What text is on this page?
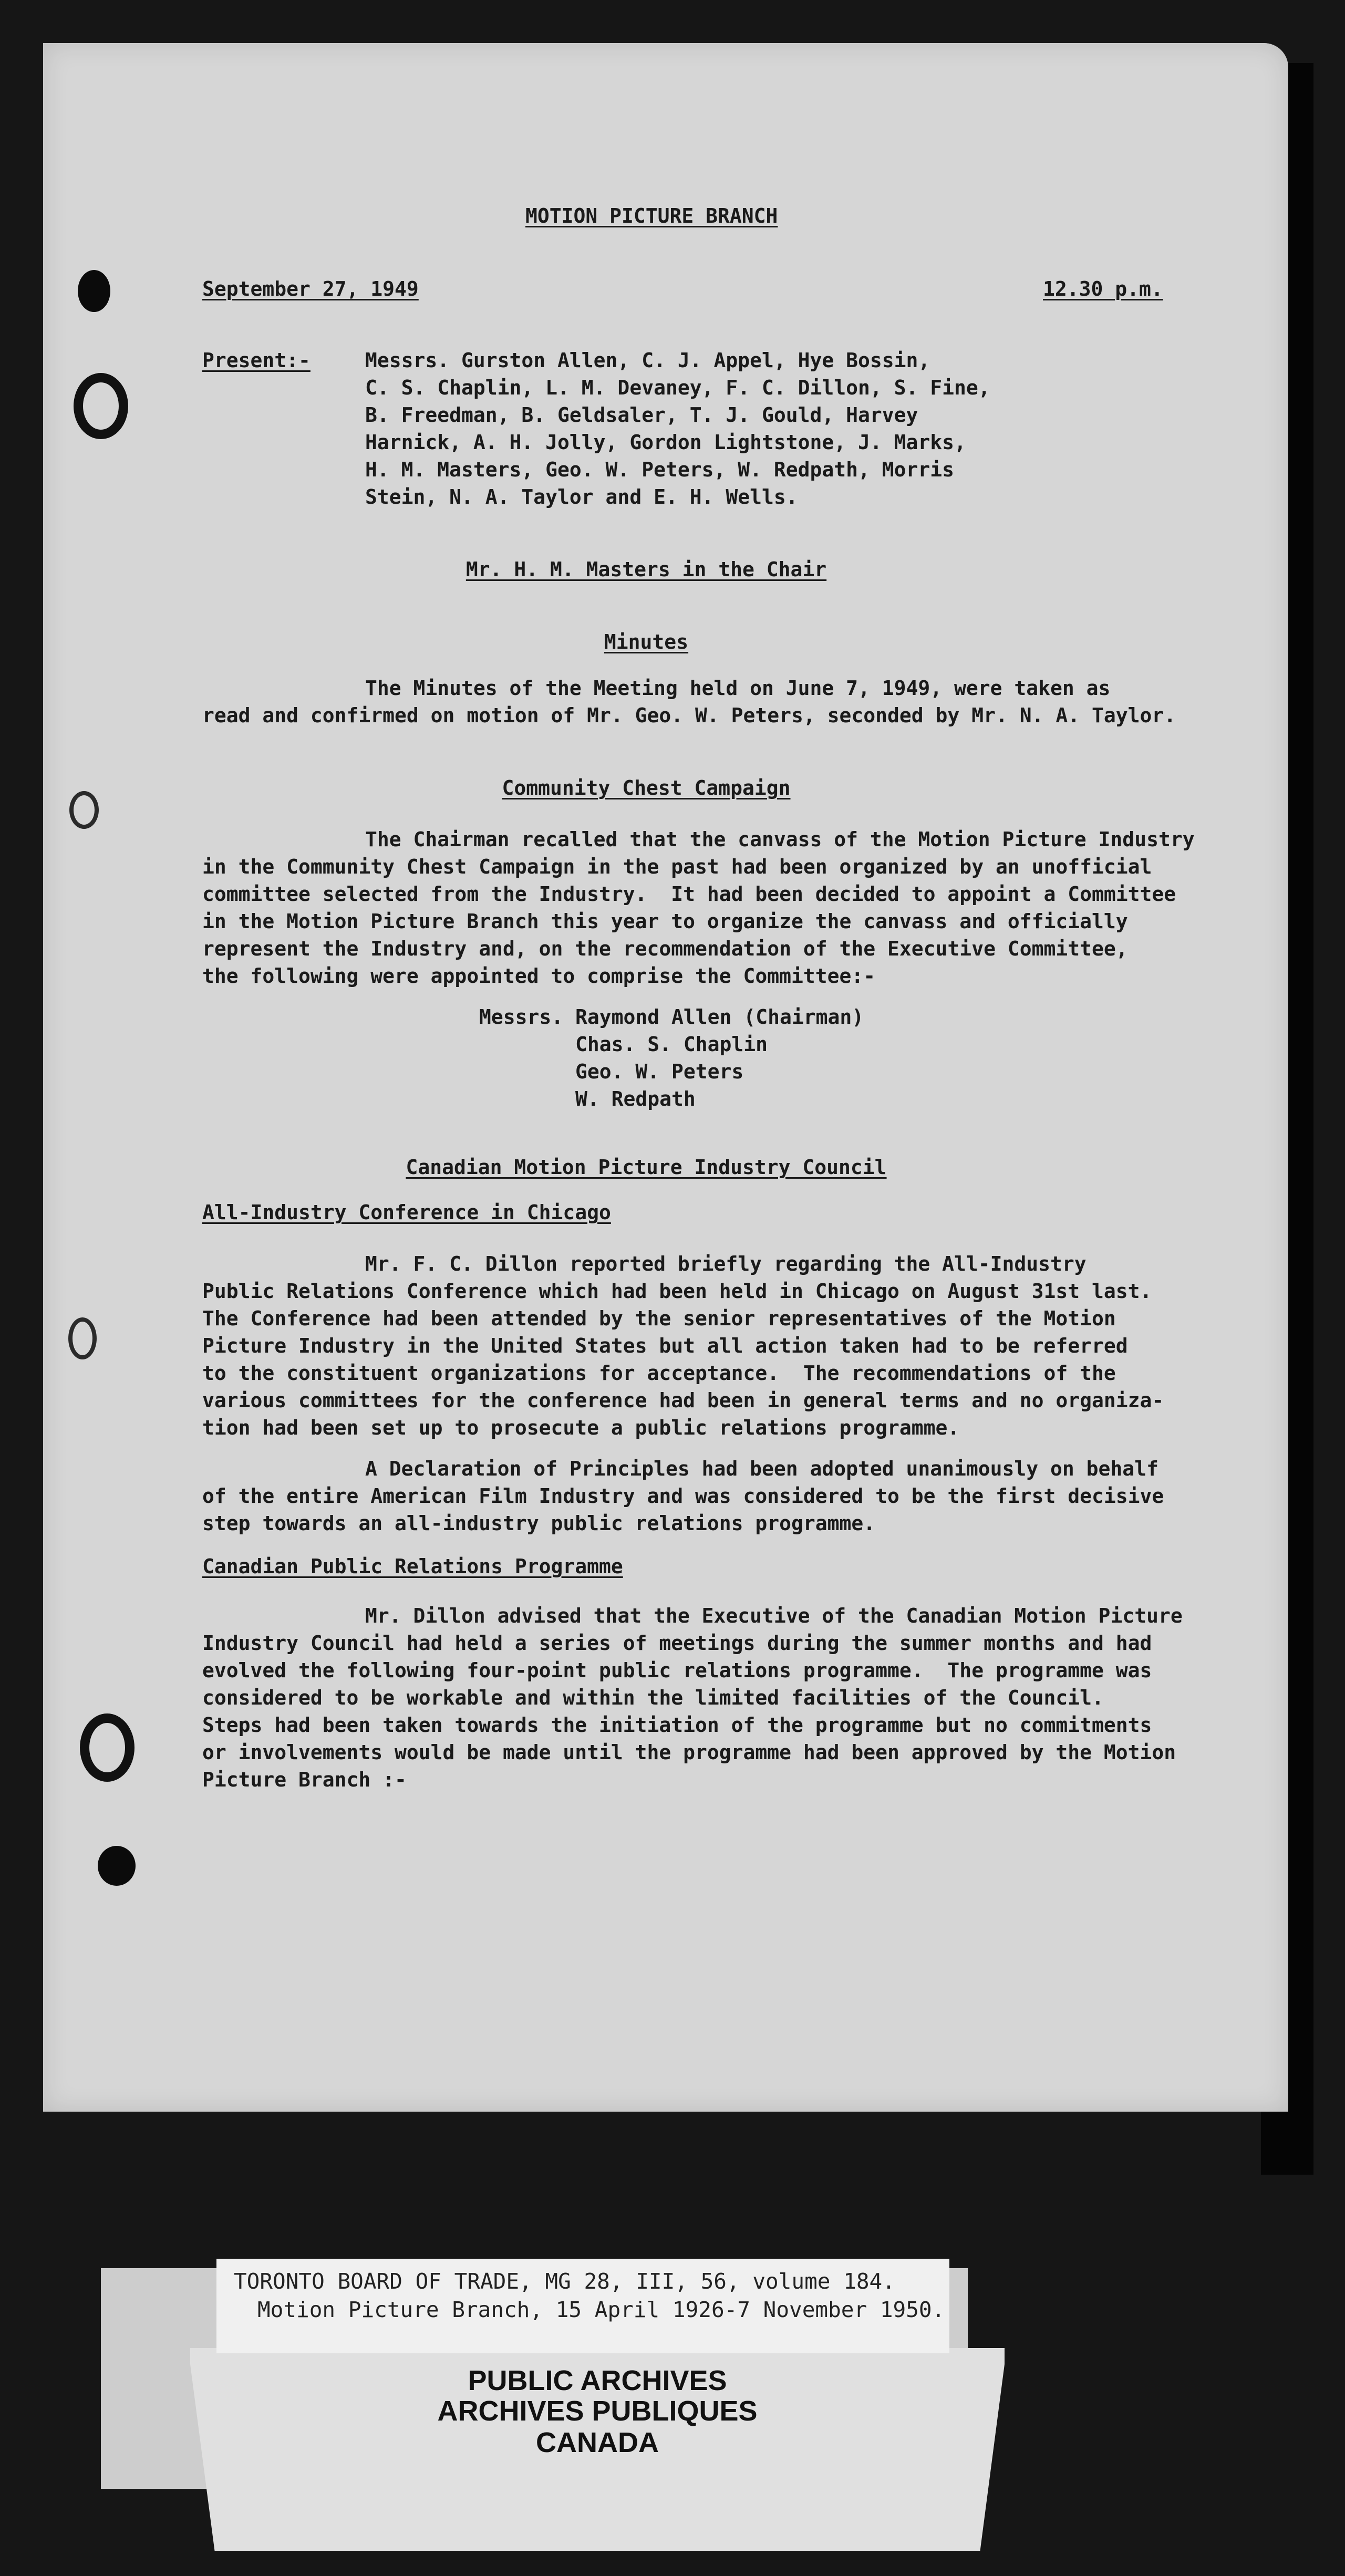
MOTION PICTURE BRANCH

September 27, 1949	12.30 p.m.

Present:-	Messrs. Gurston Allen, C. J. Appel, Hye Bossin,

C. S. Chaplin, L. M. Devaney, F. C. Dillon, S. Fine,

B. Freedman, B. Geldsaler, T. J. Gould, Harvey

Harnick, A. H. Jolly, Gordon Lightstone, J. Marks,

H. M. Masters, Geo. W. Peters, W. Redpath, Morris

Stein, N. A. Taylor and E. H. Wells.

Mr. H. M. Masters in the Chair

Minutes

The Minutes of the Meeting held on June 7, 1949, were taken as

read and confirmed on motion of Mr. Geo. W. Peters, seconded by Mr. N. A. Taylor.

Community Chest Campaign

The Chairman recalled that the canvass of the Motion Picture Industry

in the Community Chest Campaign in the past had been organized by an unofficial

committee selected from the Industry.  It had been decided to appoint a Committee

in the Motion Picture Branch this year to organize the canvass and officially

represent the Industry and, on the recommendation of the Executive Committee,

the following were appointed to comprise the Committee:-

Messrs. Raymond Allen (Chairman)

Chas. S. Chaplin

Geo. W. Peters

W. Redpath

Canadian Motion Picture Industry Council

All-Industry Conference in Chicago

Mr. F. C. Dillon reported briefly regarding the All-Industry

Public Relations Conference which had been held in Chicago on August 31st last.

The Conference had been attended by the senior representatives of the Motion

Picture Industry in the United States but all action taken had to be referred

to the constituent organizations for acceptance.  The recommendations of the

various committees for the conference had been in general terms and no organiza-

tion had been set up to prosecute a public relations programme.

A Declaration of Principles had been adopted unanimously on behalf

of the entire American Film Industry and was considered to be the first decisive

step towards an all-industry public relations programme.

Canadian Public Relations Programme

Mr. Dillon advised that the Executive of the Canadian Motion Picture

Industry Council had held a series of meetings during the summer months and had

evolved the following four-point public relations programme.  The programme was

considered to be workable and within the limited facilities of the Council.

Steps had been taken towards the initiation of the programme but no commitments

or involvements would be made until the programme had been approved by the Motion

Picture Branch :-

TORONTO BOARD OF TRADE, MG 28, III, 56, volume 184.

Motion Picture Branch, 15 April 1926-7 November 1950.

PUBLIC ARCHIVES

ARCHIVES PUBLIQUES

CANADA
